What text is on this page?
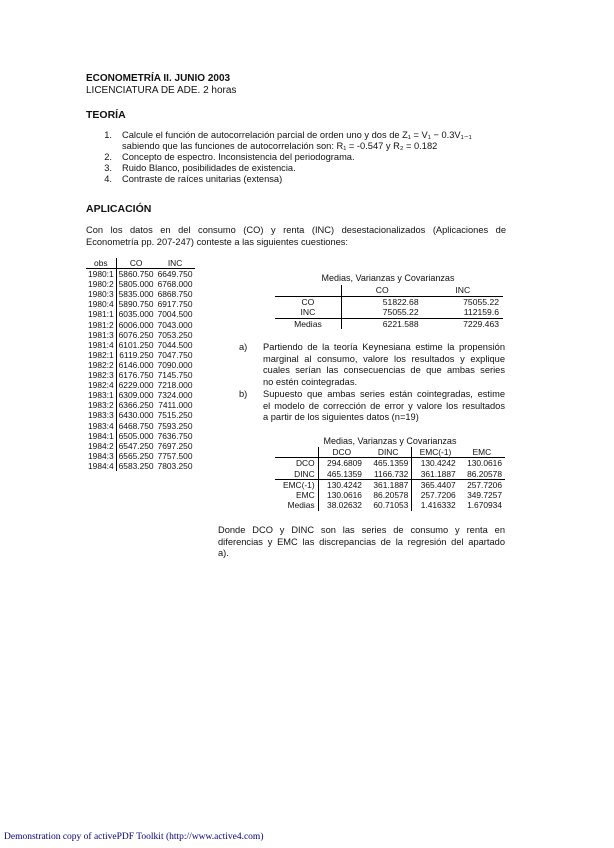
ECONOMETRÍA II. JUNIO 2003
LICENCIATURA DE ADE. 2 horas
TEORÍA
1. Calcule el función de autocorrelación parcial de orden uno y dos de Z₁ = V₁ − 0.3V₁₋₁
sabiendo que las funciones de autocorrelación son: R₁ = -0.547 y R₂ = 0.182
2. Concepto de espectro. Inconsistencia del periodograma.
3. Ruido Blanco, posibilidades de existencia.
4. Contraste de raíces unitarias (extensa)
APLICACIÓN
Con los datos en del consumo (CO) y renta (INC) desestacionalizados (Aplicaciones de
Econometría pp. 207-247) conteste a las siguientes cuestiones:
obs	CO	INC
1980:1	5860.750	6649.750
1980:2	5805.000	6768.000
1980:3	5835.000	6868.750
1980:4	5890.750	6917.750
1981:1	6035.000	7004.500
1981:2	6006.000	7043.000
1981:3	6076.250	7053.250
1981:4	6101.250	7044.500
1982:1	6119.250	7047.750
1982:2	6146.000	7090.000
1982:3	6176.750	7145.750
1982:4	6229.000	7218.000
1983:1	6309.000	7324.000
1983:2	6366.250	7411.000
1983:3	6430.000	7515.250
1983:4	6468.750	7593.250
1984:1	6505.000	7636.750
1984:2	6547.250	7697.250
1984:3	6565.250	7757.500
1984:4	6583.250	7803.250
Medias, Varianzas y Covarianzas
	CO	INC
CO	51822.68	75055.22
INC	75055.22	112159.6
Medias	6221.588	7229.463
a) Partiendo de la teoría Keynesiana estime la propensión
marginal al consumo, valore los resultados y explique
cuales serían las consecuencias de que ambas series
no estén cointegradas.
b) Supuesto que ambas series están cointegradas, estime
el modelo de corrección de error y valore los resultados
a partir de los siguientes datos (n=19)
Medias, Varianzas y Covarianzas
	DCO	DINC	EMC(-1)	EMC
DCO	294.6809	465.1359	130.4242	130.0616
DINC	465.1359	1166.732	361.1887	86.20578
EMC(-1)	130.4242	361.1887	365.4407	257.7206
EMC	130.0616	86.20578	257.7206	349.7257
Medias	38.02632	60.71053	1.416332	1.670934
Donde DCO y DINC son las series de consumo y renta en
diferencias y EMC las discrepancias de la regresión del apartado
a).
Demonstration copy of activePDF Toolkit (http://www.active4.com)
